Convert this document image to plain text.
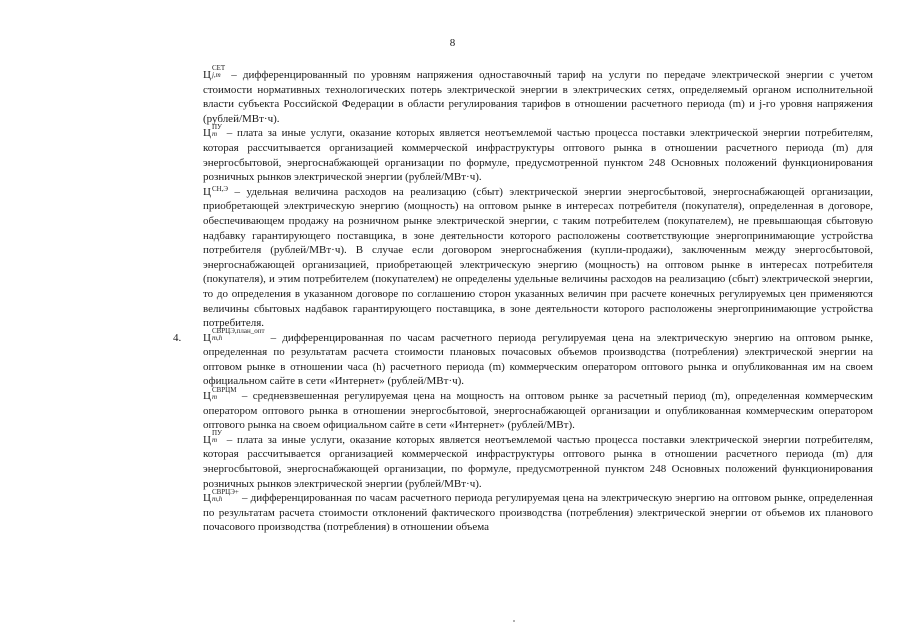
8

Ц
СЕТ
j,m – дифференцированный по уровням напряжения одноставочный тариф на услуги по передаче электрической энергии с учетом стоимости нормативных технологических потерь электрической энергии в электрических сетях, определяемый органом исполнительной власти субъекта Российской Федерации в области регулирования тарифов в отношении расчетного периода (m) и j-го уровня напряжения (рублей/МВт·ч).

Ц
ПУ
m – плата за иные услуги, оказание которых является неотъемлемой частью процесса поставки электрической энергии потребителям, которая рассчитывается организацией коммерческой инфраструктуры оптового рынка в отношении расчетного периода (m) для энергосбытовой, энергоснабжающей организации по формуле, предусмотренной пунктом 248 Основных положений функционирования розничных рынков электрической энергии (рублей/МВт·ч).

Ц СН,Э – удельная величина расходов на реализацию (сбыт) электрической энергии энергосбытовой, энергоснабжающей организации, приобретающей электрическую энергию (мощность) на оптовом рынке в интересах потребителя (покупателя), определенная в договоре, обеспечивающем продажу на розничном рынке электрической энергии, с таким потребителем (покупателем), не превышающая сбытовую надбавку гарантирующего поставщика, в зоне деятельности которого расположены соответствующие энергопринимающие устройства потребителя (рублей/МВт·ч). В случае если договором энергоснабжения (купли-продажи), заключенным между энергосбытовой, энергоснабжающей организацией, приобретающей электрическую энергию (мощность) на оптовом рынке в интересах потребителя (покупателя), и этим потребителем (покупателем) не определены удельные величины расходов на реализацию (сбыт) электрической энергии, то до определения в указанном договоре по соглашению сторон указанных величин при расчете конечных регулируемых цен применяются величины сбытовых надбавок гарантирующего поставщика, в зоне деятельности которого расположены энергопринимающие устройства потребителя.

4. Ц
СВРЦЭ,план_опт
m,h	– дифференцированная по часам расчетного периода регулируемая цена на электрическую энергию на оптовом рынке, определенная по результатам расчета стоимости плановых почасовых объемов производства (потребления) электрической энергии на оптовом рынке в отношении часа (h) расчетного периода (m) коммерческим оператором оптового рынка и опубликованная им на своем официальном сайте в сети «Интернет» (рублей/МВт·ч).

Ц
СВРЦМ
m	– средневзвешенная регулируемая цена на мощность на оптовом рынке за расчетный период (m), определенная коммерческим оператором оптового рынка в отношении энергосбытовой, энергоснабжающей организации и опубликованная коммерческим оператором оптового рынка на своем официальном сайте в сети «Интернет» (рублей/МВт).

Ц
ПУ
m – плата за иные услуги, оказание которых является неотъемлемой частью процесса поставки электрической энергии потребителям, которая рассчитывается организацией коммерческой инфраструктуры оптового рынка в отношении расчетного периода (m) для энергосбытовой, энергоснабжающей организации, по формуле, предусмотренной пунктом 248 Основных положений функционирования розничных рынков электрической энергии (рублей/МВт·ч).

Ц
СВРЦЭ+
m,h	– дифференцированная по часам расчетного периода регулируемая цена на электрическую энергию на оптовом рынке, определенная по результатам расчета стоимости отклонений фактического производства (потребления) электрической энергии от объемов их планового почасового производства (потребления) в отношении объема
